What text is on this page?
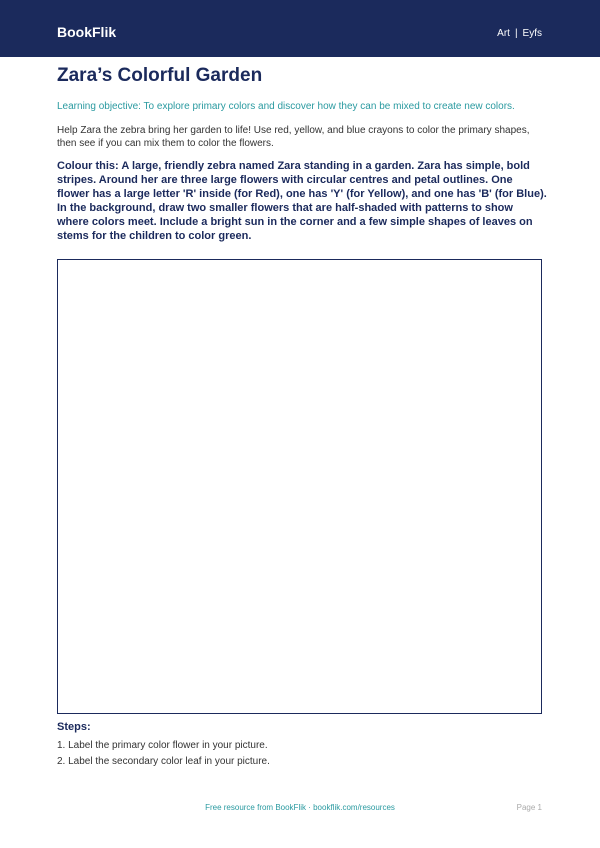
BookFlik	Art | Eyfs
Zara’s Colorful Garden
Learning objective: To explore primary colors and discover how they can be mixed to create new colors.
Help Zara the zebra bring her garden to life! Use red, yellow, and blue crayons to color the primary shapes, then see if you can mix them to color the flowers.
Colour this: A large, friendly zebra named Zara standing in a garden. Zara has simple, bold stripes. Around her are three large flowers with circular centres and petal outlines. One flower has a large letter 'R' inside (for Red), one has 'Y' (for Yellow), and one has 'B' (for Blue). In the background, draw two smaller flowers that are half-shaded with patterns to show where colors meet. Include a bright sun in the corner and a few simple shapes of leaves on stems for the children to color green.
Steps:
1. Label the primary color flower in your picture.
2. Label the secondary color leaf in your picture.
Free resource from BookFlik · bookflik.com/resources	Page 1
